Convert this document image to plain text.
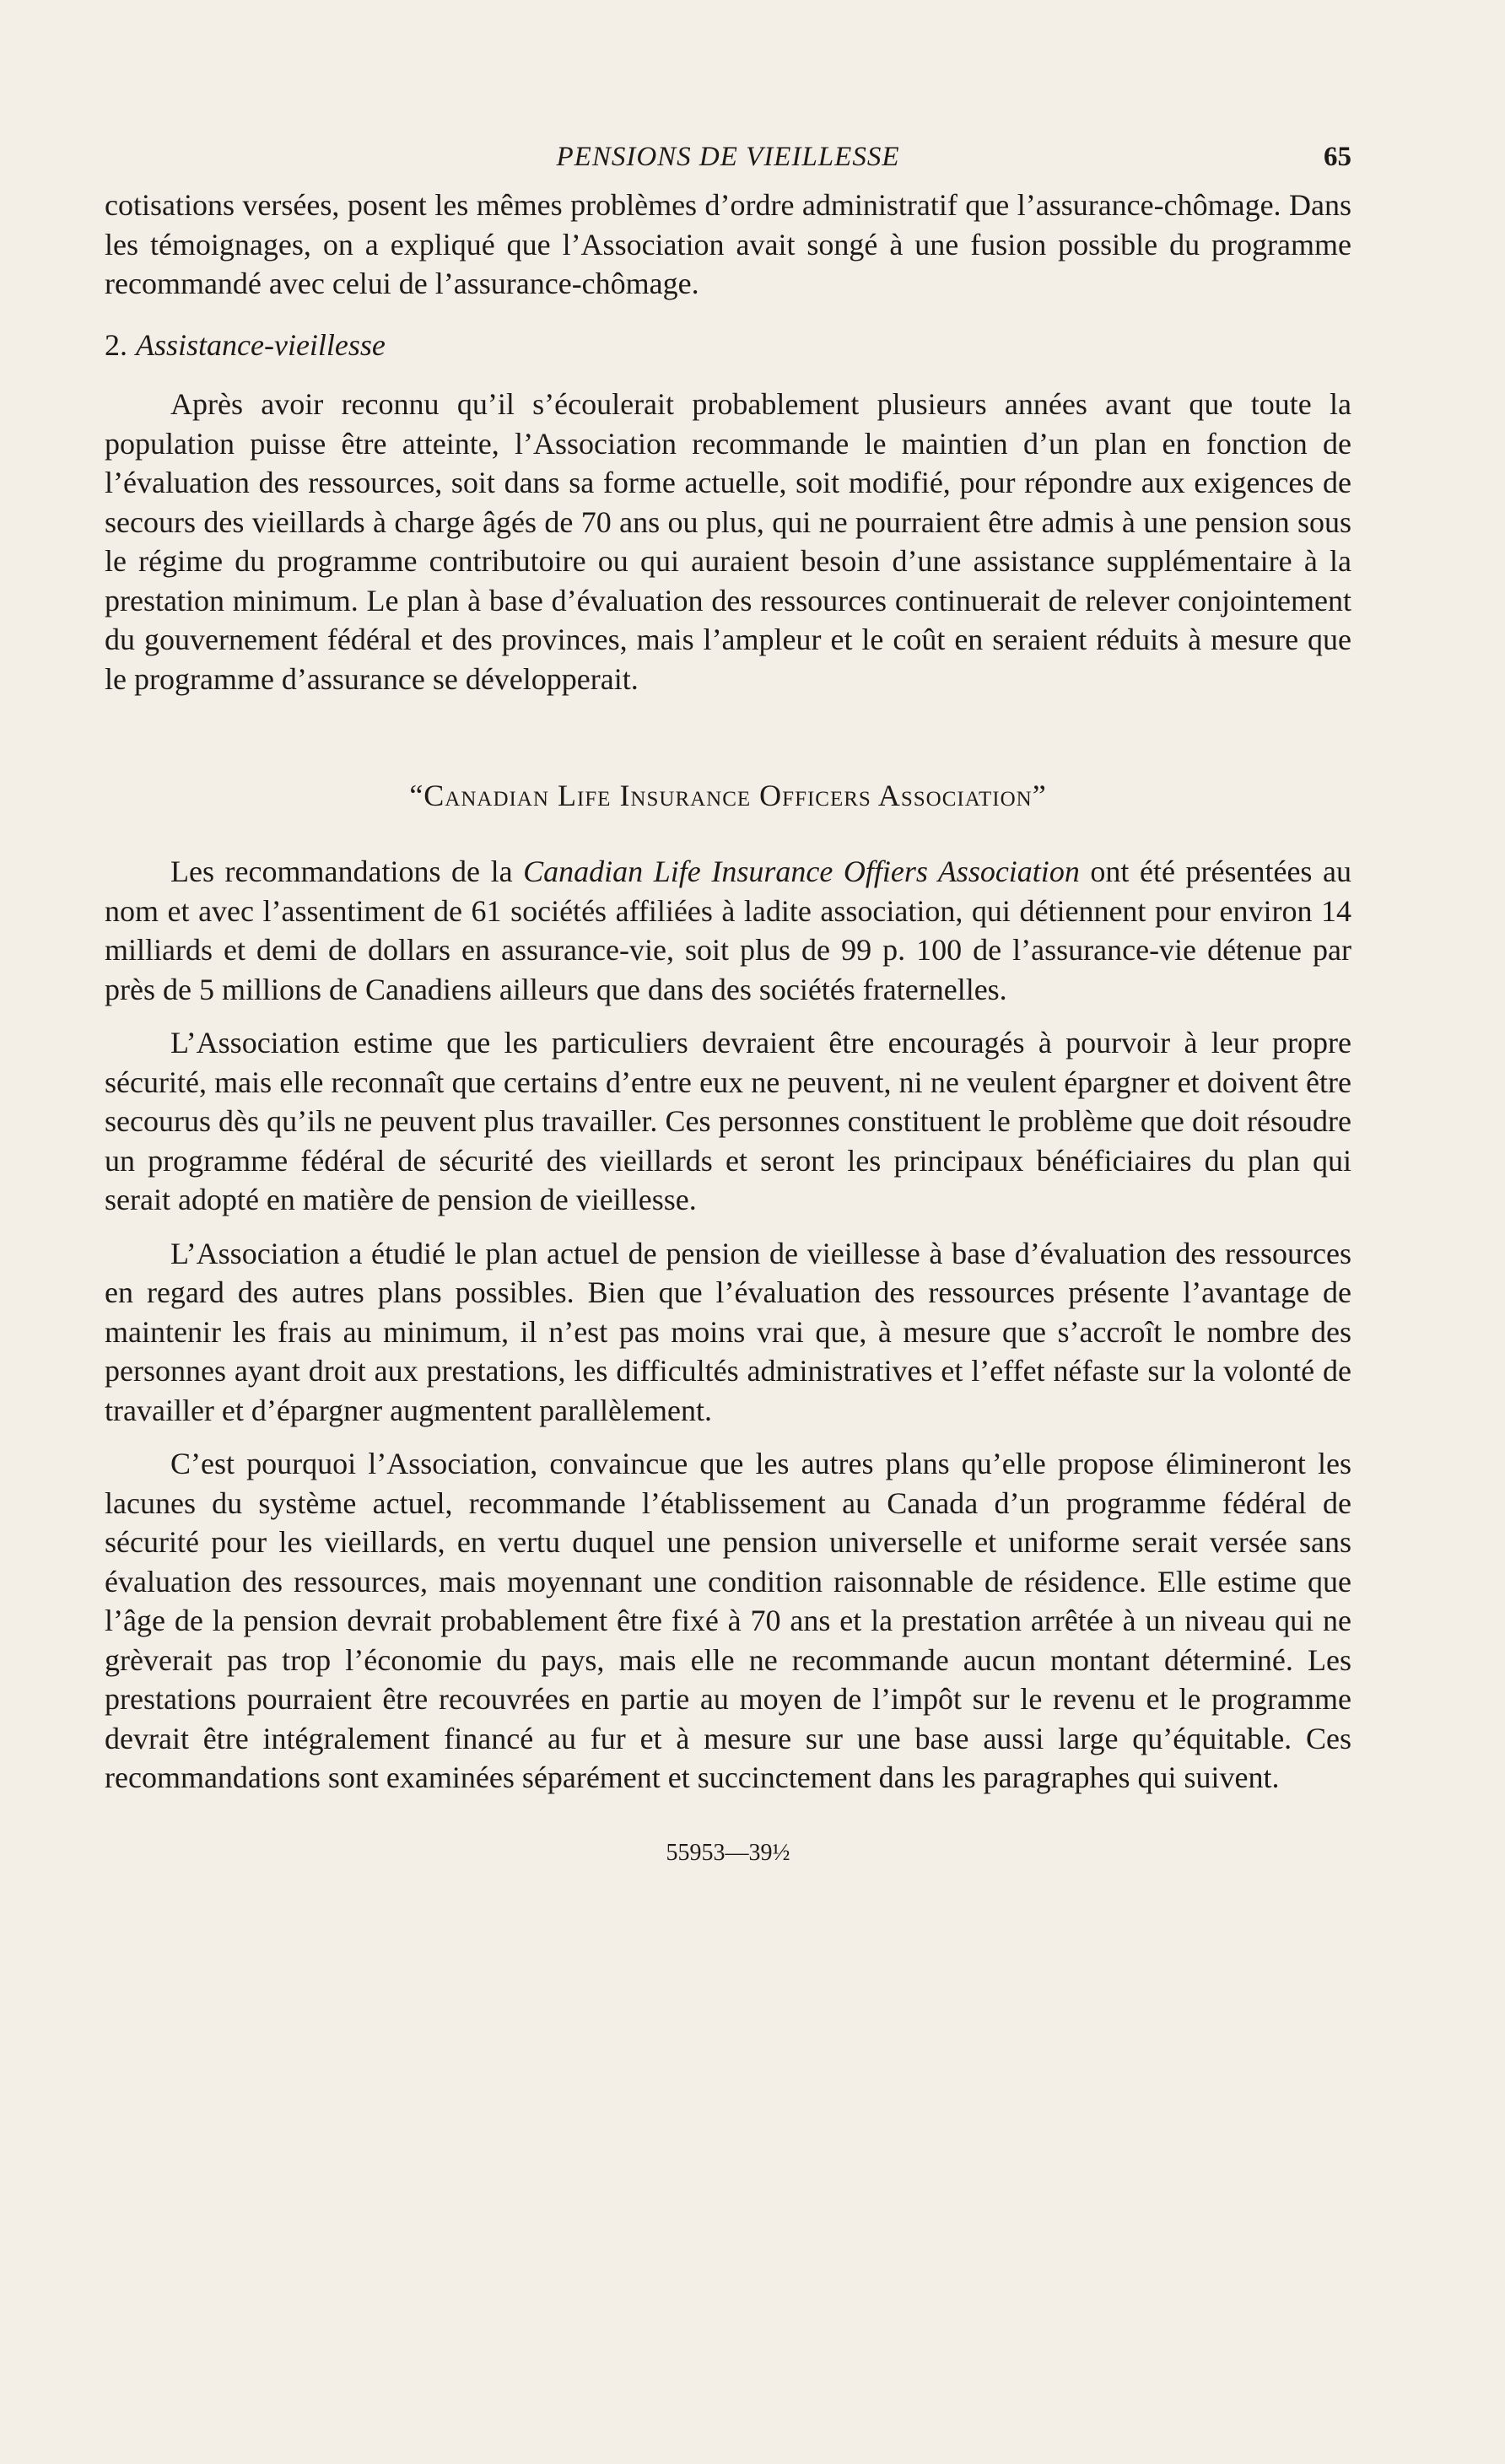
PENSIONS DE VIEILLESSE	65

cotisations versées, posent les mêmes problèmes d’ordre administratif que l’assurance-chômage. Dans les témoignages, on a expliqué que l’Association avait songé à une fusion possible du programme recommandé avec celui de l’assurance-chômage.

2. Assistance-vieillesse

Après avoir reconnu qu’il s’écoulerait probablement plusieurs années avant que toute la population puisse être atteinte, l’Association recommande le maintien d’un plan en fonction de l’évaluation des ressources, soit dans sa forme actuelle, soit modifié, pour répondre aux exigences de secours des vieillards à charge âgés de 70 ans ou plus, qui ne pourraient être admis à une pension sous le régime du programme contributoire ou qui auraient besoin d’une assistance supplémentaire à la prestation minimum. Le plan à base d’évaluation des ressources continuerait de relever conjointement du gouvernement fédéral et des provinces, mais l’ampleur et le coût en seraient réduits à mesure que le programme d’assurance se développerait.

“Canadian Life Insurance Officers Association”

Les recommandations de la Canadian Life Insurance Offiers Association ont été présentées au nom et avec l’assentiment de 61 sociétés affiliées à ladite association, qui détiennent pour environ 14 milliards et demi de dollars en assurance-vie, soit plus de 99 p. 100 de l’assurance-vie détenue par près de 5 millions de Canadiens ailleurs que dans des sociétés fraternelles.

L’Association estime que les particuliers devraient être encouragés à pourvoir à leur propre sécurité, mais elle reconnaît que certains d’entre eux ne peuvent, ni ne veulent épargner et doivent être secourus dès qu’ils ne peuvent plus travailler. Ces personnes constituent le problème que doit résoudre un programme fédéral de sécurité des vieillards et seront les principaux bénéficiaires du plan qui serait adopté en matière de pension de vieillesse.

L’Association a étudié le plan actuel de pension de vieillesse à base d’évaluation des ressources en regard des autres plans possibles. Bien que l’évaluation des ressources présente l’avantage de maintenir les frais au minimum, il n’est pas moins vrai que, à mesure que s’accroît le nombre des personnes ayant droit aux prestations, les difficultés administratives et l’effet néfaste sur la volonté de travailler et d’épargner augmentent parallèlement.

C’est pourquoi l’Association, convaincue que les autres plans qu’elle propose élimineront les lacunes du système actuel, recommande l’établissement au Canada d’un programme fédéral de sécurité pour les vieillards, en vertu duquel une pension universelle et uniforme serait versée sans évaluation des ressources, mais moyennant une condition raisonnable de résidence. Elle estime que l’âge de la pension devrait probablement être fixé à 70 ans et la prestation arrêtée à un niveau qui ne grèverait pas trop l’économie du pays, mais elle ne recommande aucun montant déterminé. Les prestations pourraient être recouvrées en partie au moyen de l’impôt sur le revenu et le programme devrait être intégralement financé au fur et à mesure sur une base aussi large qu’équitable. Ces recommandations sont examinées séparément et succinctement dans les paragraphes qui suivent.

55953—39½
